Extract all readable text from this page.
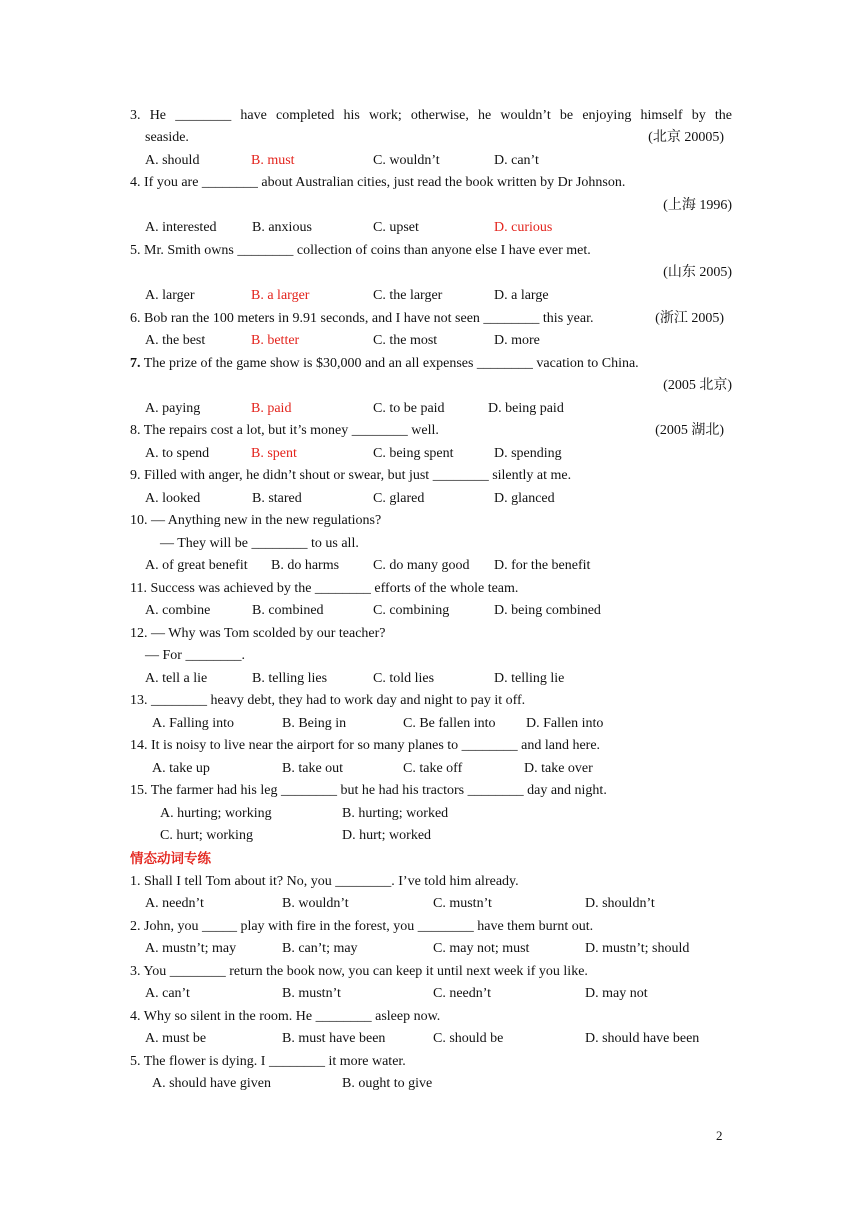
3. He ________ have completed his work; otherwise, he wouldn’t be enjoying himself by the
seaside.	(北京 20005)
A. should	B. must	C. wouldn’t	D. can’t
4. If you are ________ about Australian cities, just read the book written by Dr Johnson.
(上海 1996)
A. interested	B. anxious	C. upset	D. curious
5. Mr. Smith owns ________ collection of coins than anyone else I have ever met.
(山东 2005)
A. larger	B. a larger	C. the larger	D. a large
6. Bob ran the 100 meters in 9.91 seconds, and I have not seen ________ this year.	(浙江 2005)
A. the best	B. better	C. the most	D. more
7. The prize of the game show is $30,000 and an all expenses ________ vacation to China.
(2005 北京)
A. paying	B. paid	C. to be paid	D. being paid
8. The repairs cost a lot, but it’s money ________ well.	(2005 湖北)
A. to spend	B. spent	C. being spent	D. spending
9. Filled with anger, he didn’t shout or swear, but just ________ silently at me.
A. looked	B. stared	C. glared	D. glanced
10. — Anything new in the new regulations?
— They will be ________ to us all.
A. of great benefit B. do harms C. do many good D. for the benefit
11. Success was achieved by the ________ efforts of the whole team.
A. combine	B. combined	C. combining	D. being combined
12. — Why was Tom scolded by our teacher?
— For ________.
A. tell a lie	B. telling lies	C. told lies	D. telling lie
13. ________ heavy debt, they had to work day and night to pay it off.
A. Falling into	B. Being in	C. Be fallen into D. Fallen into
14. It is noisy to live near the airport for so many planes to ________ and land here.
A. take up	B. take out	C. take off	D. take over
15. The farmer had his leg ________ but he had his tractors ________ day and night.
A. hurting; working	B. hurting; worked
C. hurt; working	D. hurt; worked
情态动词专练
1. Shall I tell Tom about it? No, you ________. I’ve told him already.
A. needn’t	B. wouldn’t	C. mustn’t	D. shouldn’t
2. John, you _____ play with fire in the forest, you ________ have them burnt out.
A. mustn’t; may	B. can’t; may	C. may not; must	D. mustn’t; should
3. You ________ return the book now, you can keep it until next week if you like.
A. can’t	B. mustn’t	C. needn’t	D. may not
4. Why so silent in the room. He ________ asleep now.
A. must be	B. must have been	C. should be	D. should have been
5. The flower is dying. I ________ it more water.
A. should have given	B. ought to give
2
